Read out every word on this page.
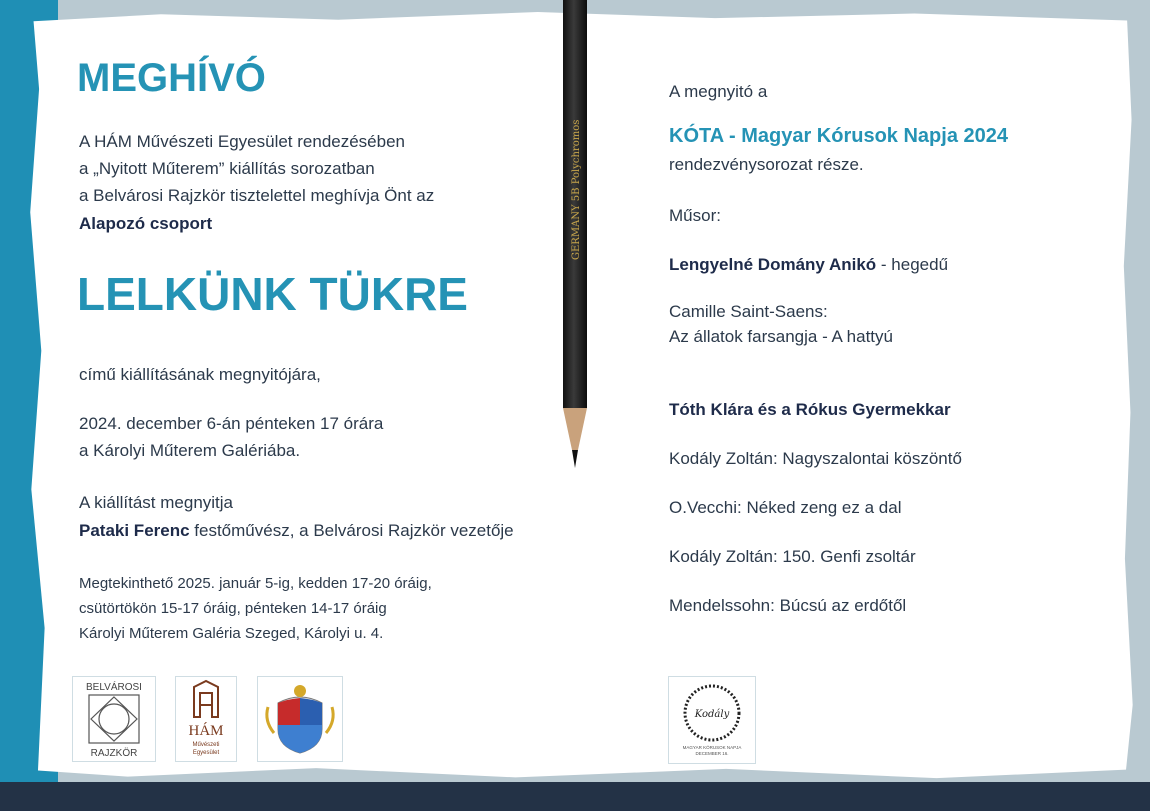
GERMANY 5B Polychromos
MEGHÍVÓ
A HÁM Művészeti Egyesület rendezésében
a „Nyitott Műterem” kiállítás sorozatban
a Belvárosi Rajzkör tisztelettel meghívja Önt az
Alapozó csoport
LELKÜNK TÜKRE
című kiállításának megnyitójára,
2024. december 6-án pénteken 17 órára
a Károlyi Műterem Galériába.
A kiállítást megnyitja
Pataki Ferenc festőművész, a Belvárosi Rajzkör vezetője
Megtekinthető 2025. január 5-ig, kedden 17-20 óráig,
csütörtökön 15-17 óráig, pénteken 14-17 óráig
Károlyi Műterem Galéria Szeged, Károlyi u. 4.
A megnyitó a
KÓTA - Magyar Kórusok Napja 2024
rendezvénysorozat része.
Műsor:
Lengyelné Domány Anikó - hegedű
Camille Saint-Saens:
Az állatok farsangja - A hattyú
Tóth Klára és a Rókus Gyermekkar
Kodály Zoltán: Nagyszalontai köszöntő
O.Vecchi: Néked zeng ez a dal
Kodály Zoltán: 150. Genfi zsoltár
Mendelssohn: Búcsú az erdőtől
BELVÁROSI
RAJZKÖR
HÁM
Művészeti
Egyesület
Kodály
MAGYAR KÓRUSOK NAPJA
DECEMBER 16.
